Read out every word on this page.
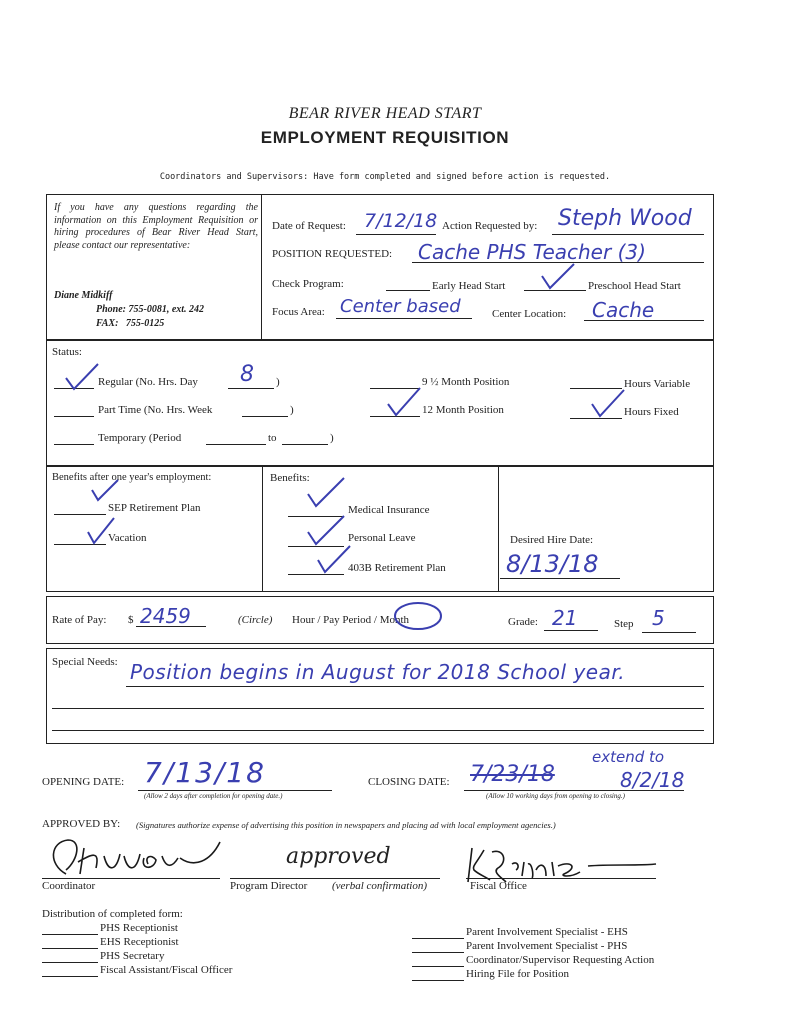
BEAR RIVER HEAD START
EMPLOYMENT REQUISITION
Coordinators and Supervisors: Have form completed and signed before action is requested.
If you have any questions regarding the information on this Employment Requisition or hiring procedures of Bear River Head Start, please contact our representative:
Diane Midkiff
Phone: 755-0081, ext. 242
FAX:   755-0125
Date of Request: 7/12/18 Action Requested by: Steph Wood
POSITION REQUESTED: Cache PHS Teacher (3)
Check Program:	Early Head Start	Preschool Head Start
Focus Area: Center based	Center Location: Cache
Status:
Regular (No. Hrs. Day 8 )
Part Time (No. Hrs. Week	)
Temporary (Period	to	)
9 ½ Month Position
12 Month Position
Hours Variable
Hours Fixed
Benefits after one year's employment:
SEP Retirement Plan
Vacation
Benefits:
Medical Insurance
Personal Leave
403B Retirement Plan
Desired Hire Date:
8/13/18
Rate of Pay: $ 2459	(Circle) Hour / Pay Period / Month	Grade: 21	Step 5
Special Needs: Position begins in August for 2018 School year.
OPENING DATE: 7/13/18
(Allow 2 days after completion for opening date.)
CLOSING DATE: 7/23/18
extend to
8/2/18
(Allow 10 working days from opening to closing.)
APPROVED BY: (Signatures authorize expense of advertising this position in newspapers and placing ad with local employment agencies.)
Coordinator
approved
Program Director (verbal confirmation)	Fiscal Office
Distribution of completed form:
PHS Receptionist
EHS Receptionist
PHS Secretary
Fiscal Assistant/Fiscal Officer
Parent Involvement Specialist - EHS
Parent Involvement Specialist - PHS
Coordinator/Supervisor Requesting Action
Hiring File for Position
